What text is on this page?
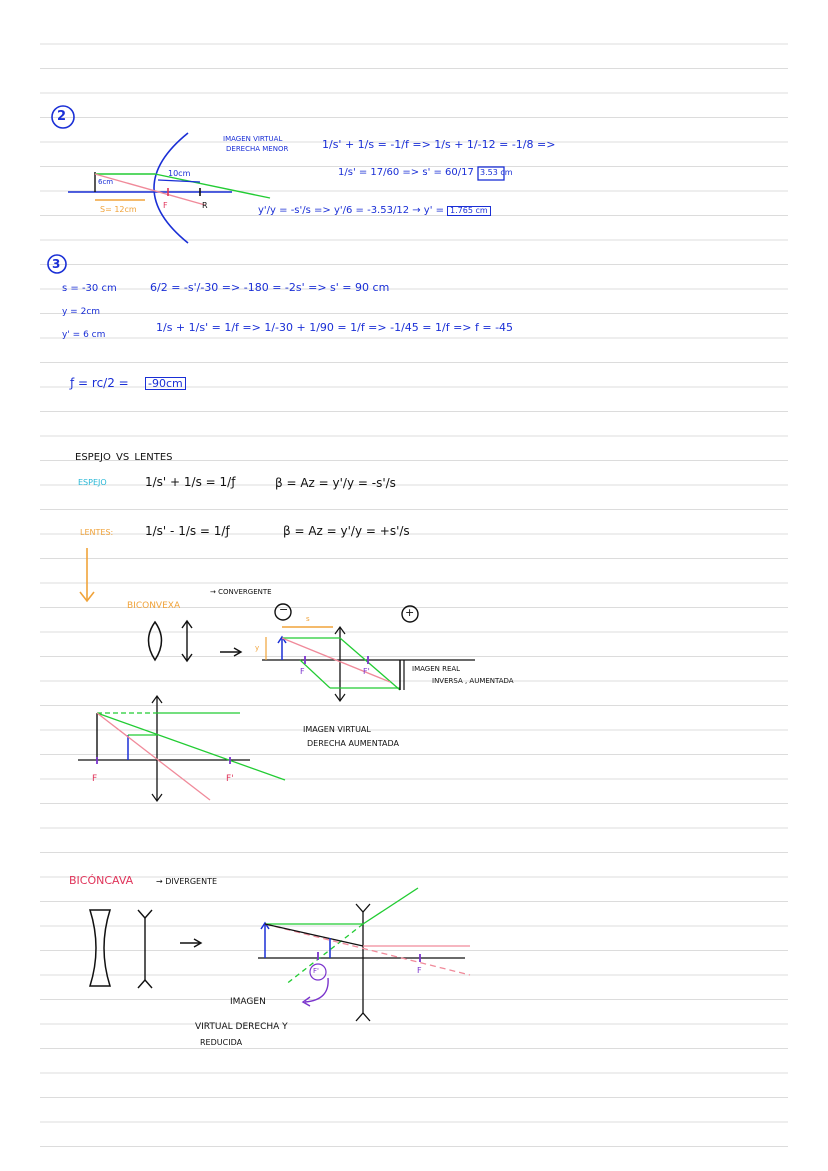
2
IMAGEN VIRTUAL
DERECHA MENOR
10cm
6cm
S= 12cm	F	R
1/s' + 1/s = -1/f => 1/s + 1/-12 = -1/8 =>
1/s' = 17/60 => s' = 60/17 3.53 cm
y'/y = -s'/s => y'/6 = -3.53/12 → y' = 1.765 cm
3
s = -30 cm
y = 2cm
y' = 6 cm
6/2 = -s'/-30 => -180 = -2s' => s' = 90 cm
1/s + 1/s' = 1/f => 1/-30 + 1/90 = 1/f => -1/45 = 1/f => f = -45
ƒ = rc/2 = -90cm
ESPEJO VS LENTES
ESPEJO	1/s' + 1/s = 1/ƒ	β = Az = y'/y = -s'/s
LENTES:	1/s' - 1/s = 1/ƒ	β = Az = y'/y = +s'/s
→ CONVERGENTE
BICONVEXA	−	+
s
y
F	F'	IMAGEN REAL
INVERSA , AUMENTADA
IMAGEN VIRTUAL
DERECHA AUMENTADA
F	F'
BICÓNCAVA	→ DIVERGENTE
F'	F
IMAGEN
VIRTUAL DERECHA Y
REDUCIDA
